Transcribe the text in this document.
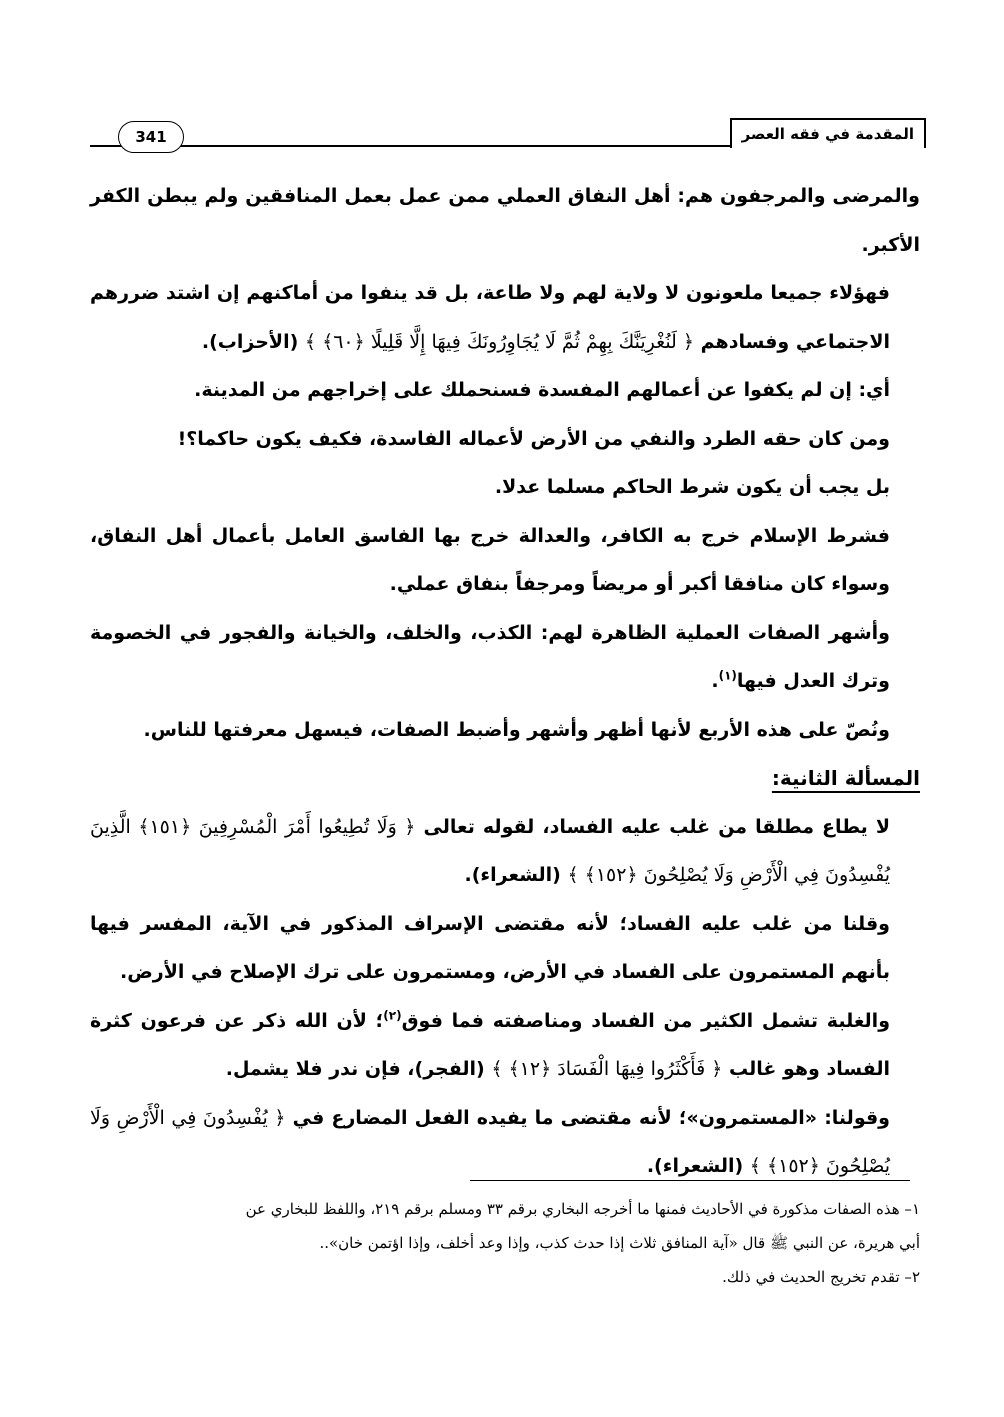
المقدمة في فقه العصر
341

والمرضى والمرجفون هم: أهل النفاق العملي ممن عمل بعمل المنافقين ولم يبطن الكفر الأكبر.

فهؤلاء جميعا ملعونون لا ولاية لهم ولا طاعة، بل قد ينفوا من أماكنهم إن اشتد ضررهم الاجتماعي وفسادهم ﴿ لَنُغْرِيَنَّكَ بِهِمْ ثُمَّ لَا يُجَاوِرُونَكَ فِيهَا إِلَّا قَلِيلًا ﴿٦٠﴾ ﴾ (الأحزاب).

أي: إن لم يكفوا عن أعمالهم المفسدة فسنحملك على إخراجهم من المدينة.

ومن كان حقه الطرد والنفي من الأرض لأعماله الفاسدة، فكيف يكون حاكما؟!

بل يجب أن يكون شرط الحاكم مسلما عدلا.

فشرط الإسلام خرج به الكافر، والعدالة خرج بها الفاسق العامل بأعمال أهل النفاق، وسواء كان منافقا أكبر أو مريضاً ومرجفاً بنفاق عملي.

وأشهر الصفات العملية الظاهرة لهم: الكذب، والخلف، والخيانة والفجور في الخصومة وترك العدل فيها$^{(١)}$.

ونُصّ على هذه الأربع لأنها أظهر وأشهر وأضبط الصفات، فيسهل معرفتها للناس.

المسألة الثانية:

لا يطاع مطلقا من غلب عليه الفساد، لقوله تعالى ﴿ وَلَا تُطِيعُوا أَمْرَ الْمُسْرِفِينَ ﴿١٥١﴾ الَّذِينَ يُفْسِدُونَ فِي الْأَرْضِ وَلَا يُصْلِحُونَ ﴿١٥٢﴾ ﴾ (الشعراء).

وقلنا من غلب عليه الفساد؛ لأنه مقتضى الإسراف المذكور في الآية، المفسر فيها بأنهم المستمرون على الفساد في الأرض، ومستمرون على ترك الإصلاح في الأرض.

والغلبة تشمل الكثير من الفساد ومناصفته فما فوق$^{(٢)}$؛ لأن الله ذكر عن فرعون كثرة الفساد وهو غالب ﴿ فَأَكْثَرُوا فِيهَا الْفَسَادَ ﴿١٢﴾ ﴾ (الفجر)، فإن ندر فلا يشمل.

وقولنا: «المستمرون»؛ لأنه مقتضى ما يفيده الفعل المضارع في ﴿ يُفْسِدُونَ فِي الْأَرْضِ وَلَا يُصْلِحُونَ ﴿١٥٢﴾ ﴾ (الشعراء).

١– هذه الصفات مذكورة في الأحاديث فمنها ما أخرجه البخاري برقم ٣٣ ومسلم برقم ٢١٩، واللفظ للبخاري عن

أبي هريرة، عن النبي ﷺ قال «آية المنافق ثلاث إذا حدث كذب، وإذا وعد أخلف، وإذا اؤتمن خان»..

٢– تقدم تخريج الحديث في ذلك.
